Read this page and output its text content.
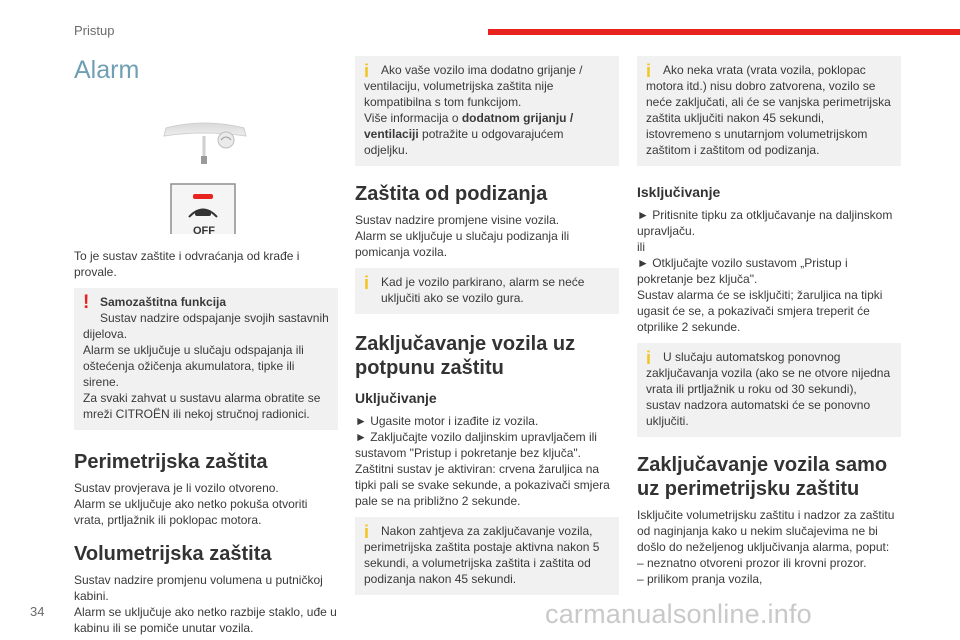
Pristup
Alarm
OFF

To je sustav zaštite i odvraćanja od krađe i provale.

! Samozaštitna funkcija
Sustav nadzire odspajanje svojih sastavnih dijelova.
Alarm se uključuje u slučaju odspajanja ili oštećenja ožičenja akumulatora, tipke ili sirene.
Za svaki zahvat u sustavu alarma obratite se mreži CITROËN ili nekoj stručnoj radionici.
Perimetrijska zaštita

Sustav provjerava je li vozilo otvoreno.

Alarm se uključuje ako netko pokuša otvoriti vrata, prtljažnik ili poklopac motora.

Volumetrijska zaštita

Sustav nadzire promjenu volumena u putničkoj kabini.

Alarm se uključuje ako netko razbije staklo, uđe u kabinu ili se pomiče unutar vozila.

i Ako vaše vozilo ima dodatno grijanje / ventilaciju, volumetrijska zaštita nije kompatibilna s tom funkcijom.
Više informacija o dodatnom grijanju / ventilaciji potražite u odgovarajućem odjeljku.
Zaštita od podizanja

Sustav nadzire promjene visine vozila.

Alarm se uključuje u slučaju podizanja ili pomicanja vozila.

i Kad je vozilo parkirano, alarm se neće uključiti ako se vozilo gura.
Zaključavanje vozila uz potpunu zaštitu
Uključivanje

► Ugasite motor i izađite iz vozila.

► Zaključajte vozilo daljinskim upravljačem ili sustavom "Pristup i pokretanje bez ključa".

Zaštitni sustav je aktiviran: crvena žaruljica na tipki pali se svake sekunde, a pokazivači smjera pale se na približno 2 sekunde.

i Nakon zahtjeva za zaključavanje vozila, perimetrijska zaštita postaje aktivna nakon 5 sekundi, a volumetrijska zaštita i zaštita od podizanja nakon 45 sekundi.
i Ako neka vrata (vrata vozila, poklopac motora itd.) nisu dobro zatvorena, vozilo se neće zaključati, ali će se vanjska perimetrijska zaštita uključiti nakon 45 sekundi, istovremeno s unutarnjom volumetrijskom zaštitom i zaštitom od podizanja.
Isključivanje

► Pritisnite tipku za otključavanje na daljinskom upravljaču.

ili

► Otključajte vozilo sustavom „Pristup i pokretanje bez ključa".

Sustav alarma će se isključiti; žaruljica na tipki ugasit će se, a pokazivači smjera treperit će otprilike 2 sekunde.

i U slučaju automatskog ponovnog zaključavanja vozila (ako se ne otvore nijedna vrata ili prtljažnik u roku od 30 sekundi), sustav nadzora automatski će se ponovno uključiti.
Zaključavanje vozila samo uz perimetrijsku zaštitu

Isključite volumetrijsku zaštitu i nadzor za zaštitu od naginjanja kako u nekim slučajevima ne bi došlo do neželjenog uključivanja alarma, poput:

– neznatno otvoreni prozor ili krovni prozor.

– prilikom pranja vozila,

34	carmanualsonline.info
